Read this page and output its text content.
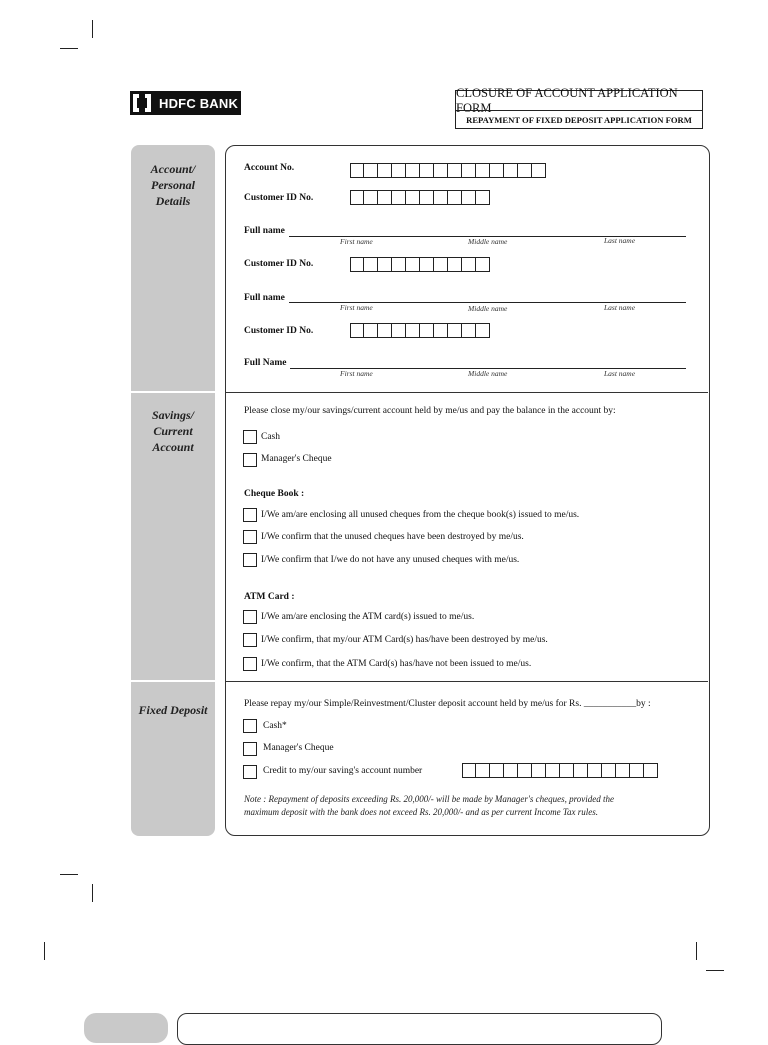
HDFC BANK
CLOSURE OF ACCOUNT APPLICATION FORM
REPAYMENT OF FIXED DEPOSIT APPLICATION FORM
Account/
Personal
Details
Savings/
Current
Account
Fixed Deposit
Account No.
Customer ID No.
Full name
First name	Middle name	Last name
Customer ID No.
Full name
First name	Middle name	Last name
Customer ID No.
Full Name
First name	Middle name	Last name
Please close my/our savings/current account held by me/us and pay the balance in the account by:
Cash
Manager's Cheque
Cheque Book :
I/We am/are enclosing all unused cheques from the cheque book(s) issued to me/us.
I/We confirm that the unused cheques have been destroyed by me/us.
I/We confirm that I/we do not have any unused cheques with me/us.
ATM Card :
I/We am/are enclosing the ATM card(s) issued to me/us.
I/We confirm, that my/our ATM Card(s) has/have been destroyed by me/us.
I/We confirm, that the ATM Card(s) has/have not been issued to me/us.
Please repay my/our Simple/Reinvestment/Cluster deposit account held by me/us for Rs. ___________by :
Cash*
Manager's Cheque
Credit to my/our saving's account number
Note : Repayment of deposits exceeding Rs. 20,000/- will be made by Manager's cheques, provided the
maximum deposit with the bank does not exceed Rs. 20,000/- and as per current Income Tax rules.
